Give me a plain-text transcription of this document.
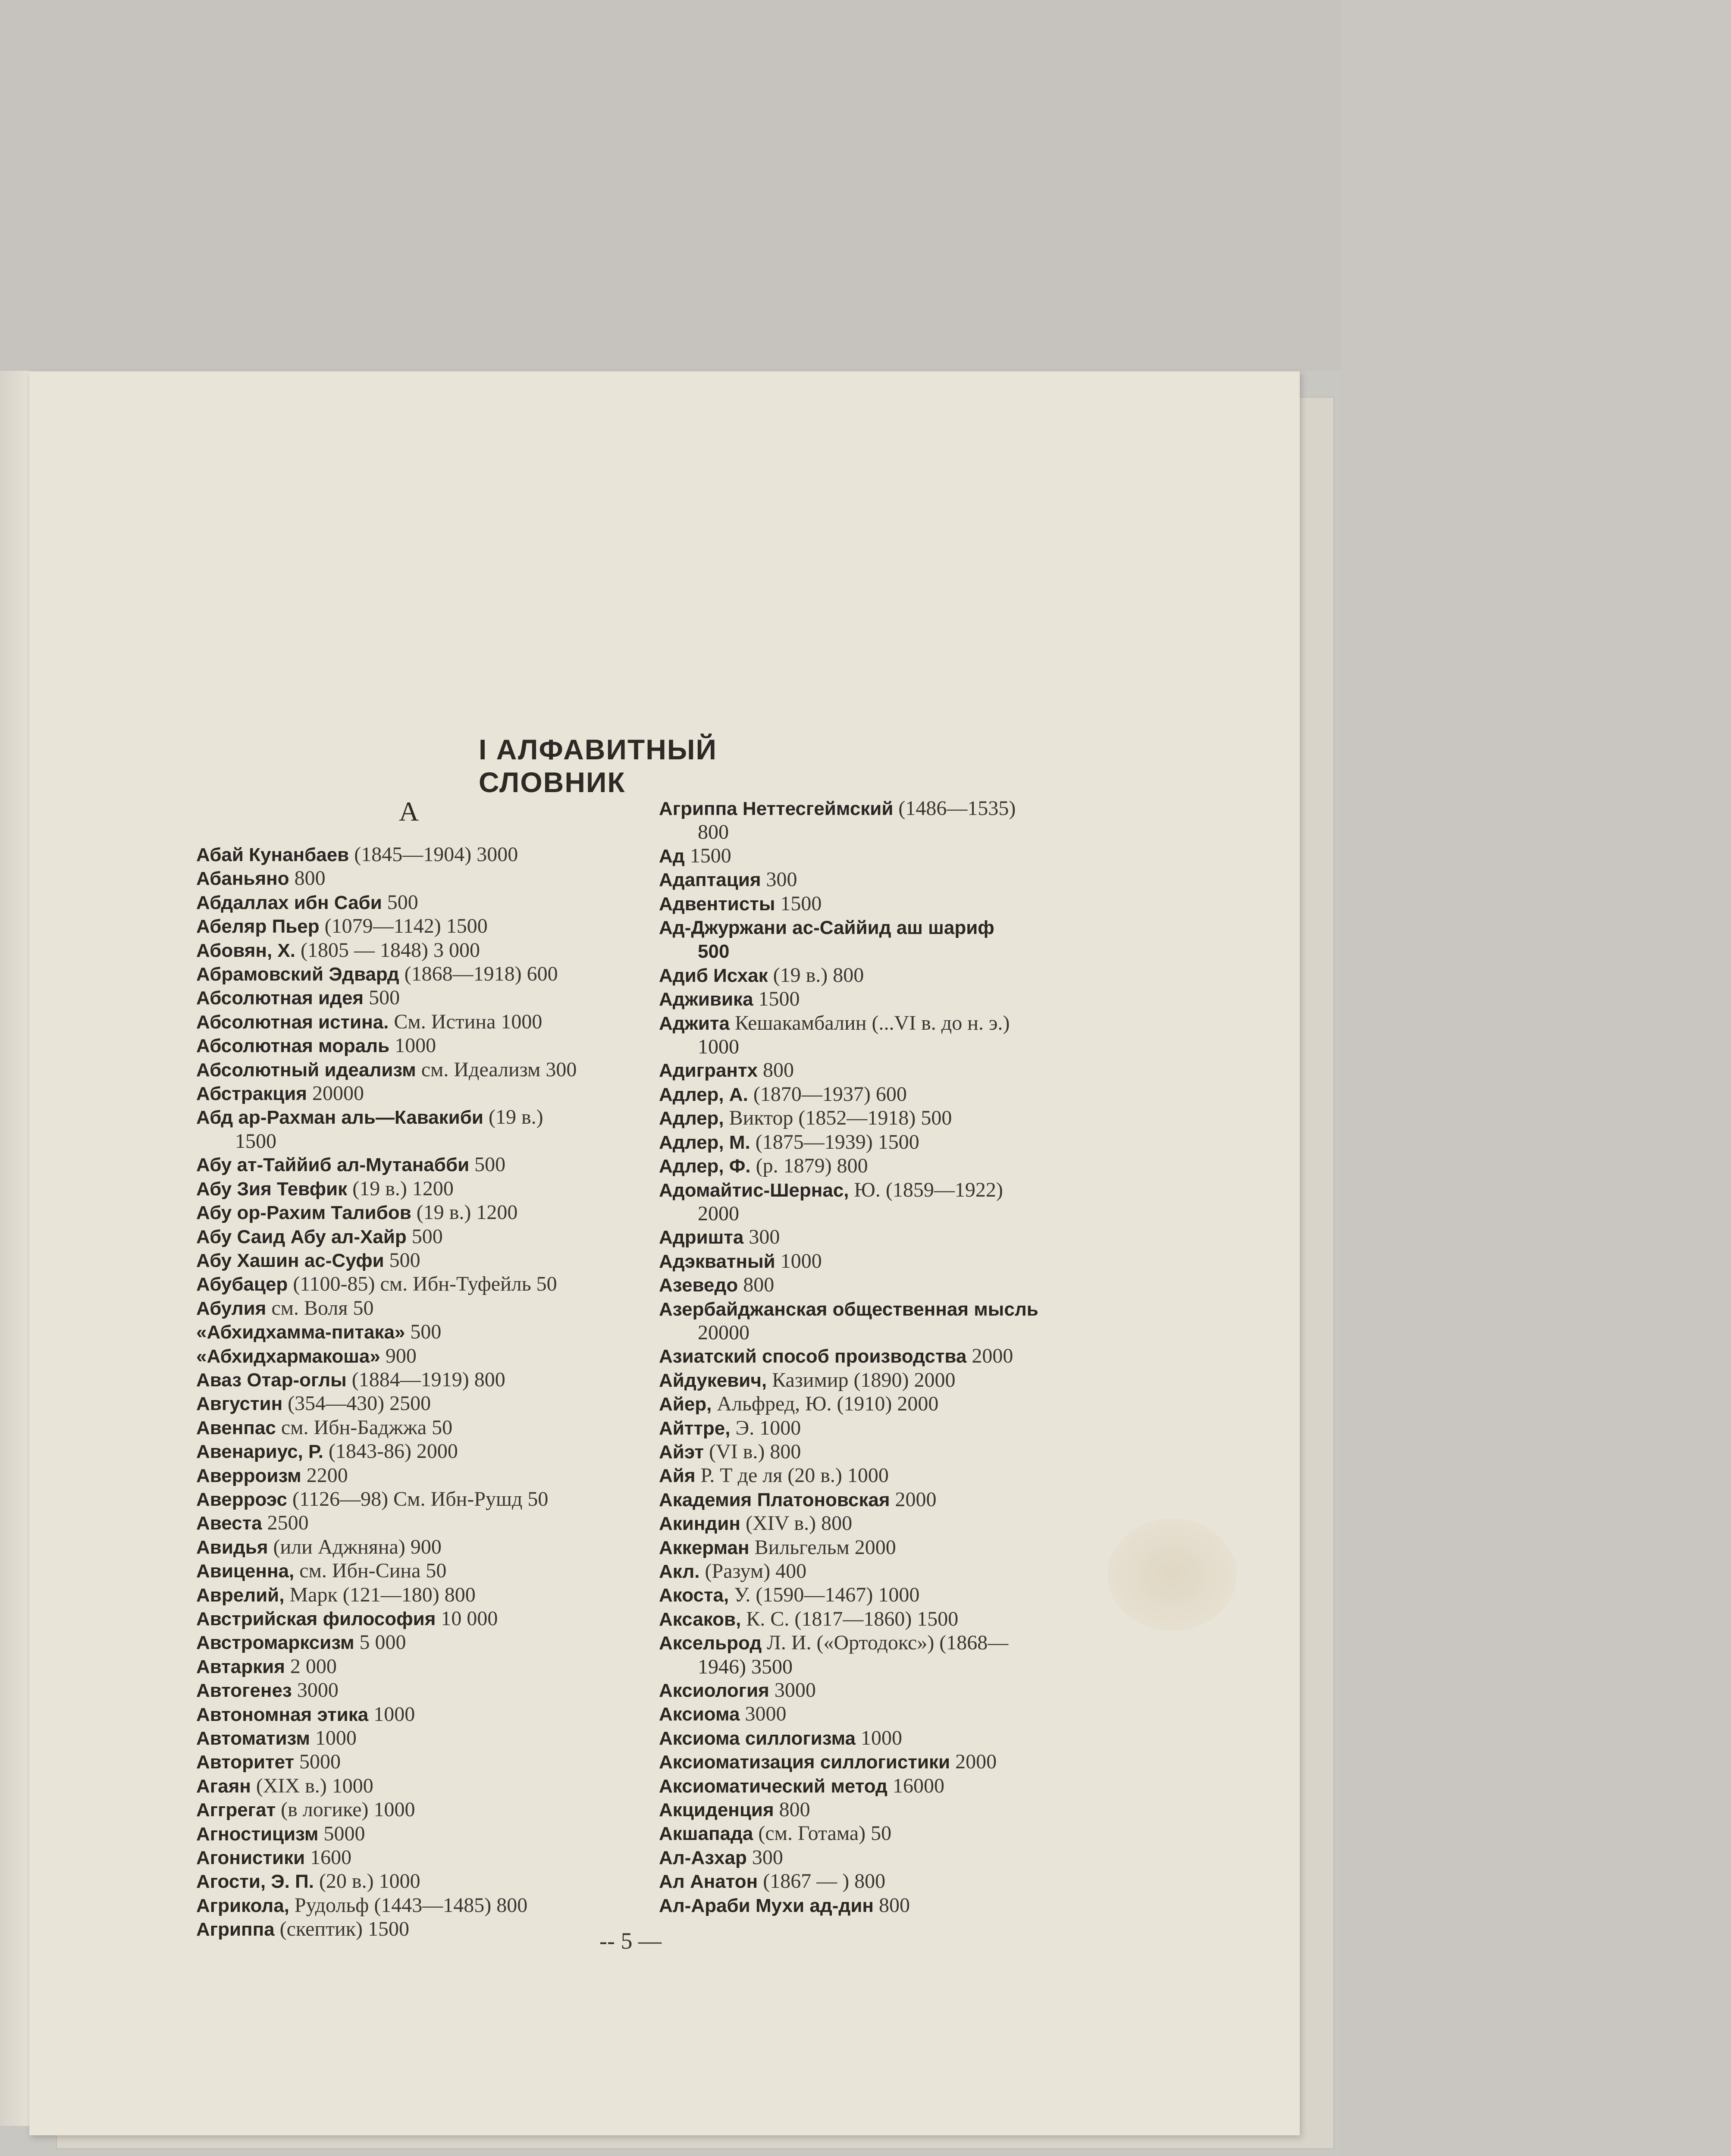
I АЛФАВИТНЫЙ СЛОВНИК
А
Абай Кунанбаев (1845—1904) 3000
Абаньяно 800
Абдаллах ибн Саби 500
Абеляр Пьер (1079—1142) 1500
Абовян, X. (1805 — 1848) 3 000
Абрамовский Эдвард (1868—1918) 600
Абсолютная идея 500
Абсолютная истина. См. Истина 1000
Абсолютная мораль 1000
Абсолютный идеализм см. Идеализм 300
Абстракция 20000
Абд ар-Рахман аль—Кавакиби (19 в.)
1500
Абу ат-Таййиб ал-Мутанабби 500
Абу Зия Тевфик (19 в.) 1200
Абу ор-Рахим Талибов (19 в.) 1200
Абу Саид Абу ал-Хайр 500
Абу Хашин ас-Суфи 500
Абубацер (1100-85) см. Ибн-Туфейль 50
Абулия см. Воля 50
«Абхидхамма-питака» 500
«Абхидхармакоша» 900
Аваз Отар-оглы (1884—1919) 800
Августин (354—430) 2500
Авенпас см. Ибн-Баджжа 50
Авенариус, Р. (1843-86) 2000
Аверроизм 2200
Аверроэс (1126—98) См. Ибн-Рушд 50
Авеста 2500
Авидья (или Аджняна) 900
Авиценна, см. Ибн-Сина 50
Аврелий, Марк (121—180) 800
Австрийская философия 10 000
Австромарксизм 5 000
Автаркия 2 000
Автогенез 3000
Автономная этика 1000
Автоматизм 1000
Авторитет 5000
Агаян (XIX в.) 1000
Аггрегат (в логике) 1000
Агностицизм 5000
Агонистики 1600
Агости, Э. П. (20 в.) 1000
Агрикола, Рудольф (1443—1485) 800
Агриппа (скептик) 1500
Агриппа Неттесгеймский (1486—1535)
800
Ад 1500
Адаптация 300
Адвентисты 1500
Ад-Джуржани ас-Саййид аш шариф
500
Адиб Исхак (19 в.) 800
Адживика 1500
Аджита Кешакамбалин (...VI в. до н. э.)
1000
Адигрантх 800
Адлер, А. (1870—1937) 600
Адлер, Виктор (1852—1918) 500
Адлер, М. (1875—1939) 1500
Адлер, Ф. (р. 1879) 800
Адомайтис-Шернас, Ю. (1859—1922)
2000
Адришта 300
Адэкватный 1000
Азеведо 800
Азербайджанская общественная мысль
20000
Азиатский способ производства 2000
Айдукевич, Казимир (1890) 2000
Айер, Альфред, Ю. (1910) 2000
Айттре, Э. 1000
Айэт (VI в.) 800
Айя Р. Т де ля (20 в.) 1000
Академия Платоновская 2000
Акиндин (XIV в.) 800
Аккерман Вильгельм 2000
Акл. (Разум) 400
Акоста, У. (1590—1467) 1000
Аксаков, К. С. (1817—1860) 1500
Аксельрод Л. И. («Ортодокс») (1868—
1946) 3500
Аксиология 3000
Аксиома 3000
Аксиома силлогизма 1000
Аксиоматизация силлогистики 2000
Аксиоматический метод 16000
Акциденция 800
Акшапада (см. Готама) 50
Ал-Азхар 300
Ал Анатон (1867 — ) 800
Ал-Араби Мухи ад-дин 800
-- 5 —
